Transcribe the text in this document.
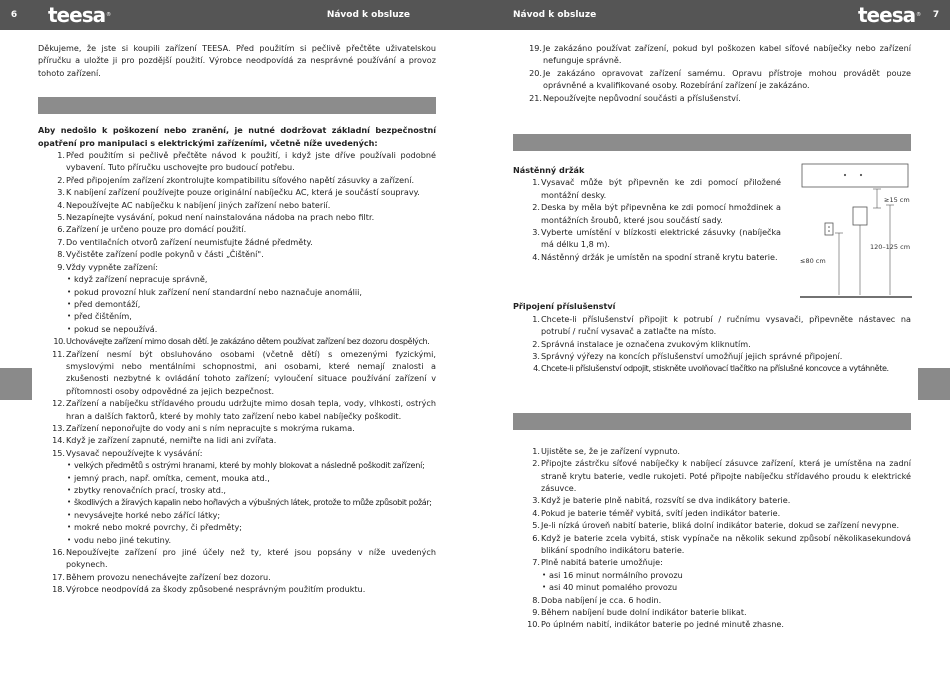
6	teesa®	Návod k obsluze	Návod k obsluze	teesa®	7

Děkujeme, že jste si koupili zařízení TEESA. Před použitím si pečlivě přečtěte uživatelskou příručku a uložte ji pro pozdější použití. Výrobce neodpovídá za nesprávné používání a provoz tohoto zařízení.

Aby nedošlo k poškození nebo zranění, je nutné dodržovat základní bezpečnostní opatření pro manipulaci s elektrickými zařízeními, včetně níže uvedených:

1. Před použitím si pečlivě přečtěte návod k použití, i když jste dříve používali podobné vybavení. Tuto příručku uschovejte pro budoucí potřebu.
2. Před připojením zařízení zkontrolujte kompatibilitu síťového napětí zásuvky a zařízení.
3. K nabíjení zařízení používejte pouze originální nabíječku AC, která je součástí soupravy.
4. Nepoužívejte AC nabíječku k nabíjení jiných zařízení nebo baterií.
5. Nezapínejte vysávání, pokud není nainstalována nádoba na prach nebo filtr.
6. Zařízení je určeno pouze pro domácí použití.
7. Do ventilačních otvorů zařízení neumisťujte žádné předměty.
8. Vyčistěte zařízení podle pokynů v části „Čištění".
9. Vždy vypněte zařízení:
• když zařízení nepracuje správně,
• pokud provozní hluk zařízení není standardní nebo naznačuje anomálii,
• před demontáží,
• před čištěním,
• pokud se nepoužívá.
10. Uchovávejte zařízení mimo dosah dětí. Je zakázáno dětem používat zařízení bez dozoru dospělých.
11. Zařízení nesmí být obsluhováno osobami (včetně dětí) s omezenými fyzickými, smyslovými nebo mentálními schopnostmi, ani osobami, které nemají znalosti a zkušenosti nezbytné k ovládání tohoto zařízení; vyloučení situace používání zařízení v přítomnosti osoby odpovědné za jejich bezpečnost.
12. Zařízení a nabíječku střídavého proudu udržujte mimo dosah tepla, vody, vlhkosti, ostrých hran a dalších faktorů, které by mohly tato zařízení nebo kabel nabíječky poškodit.
13. Zařízení neponořujte do vody ani s ním nepracujte s mokrýma rukama.
14. Když je zařízení zapnuté, nemiřte na lidi ani zvířata.
15. Vysavač nepoužívejte k vysávání:
• velkých předmětů s ostrými hranami, které by mohly blokovat a následně poškodit zařízení;
• jemný prach, např. omítka, cement, mouka atd.,
• zbytky renovačních prací, trosky atd.,
• škodlivých a žíravých kapalin nebo hořlavých a výbušných látek, protože to může způsobit požár;
• nevysávejte horké nebo zářící látky;
• mokré nebo mokré povrchy, či předměty;
• vodu nebo jiné tekutiny.
16. Nepoužívejte zařízení pro jiné účely než ty, které jsou popsány v níže uvedených pokynech.
17. Během provozu nenechávejte zařízení bez dozoru.
18. Výrobce neodpovídá za škody způsobené nesprávným použitím produktu.
19. Je zakázáno používat zařízení, pokud byl poškozen kabel síťové nabíječky nebo zařízení nefunguje správně.
20. Je zakázáno opravovat zařízení samému. Opravu přístroje mohou provádět pouze oprávněné a kvalifikované osoby. Rozebírání zařízení je zakázáno.
21. Nepoužívejte nepůvodní součásti a příslušenství.

Nástěnný držák

1. Vysavač může být připevněn ke zdi pomocí přiložené montážní desky.
2. Deska by měla být připevněna ke zdi pomocí hmoždinek a montážních šroubů, které jsou součástí sady.
3. Vyberte umístění v blízkosti elektrické zásuvky (nabíječka má délku 1,8 m).
4. Nástěnný držák je umístěn na spodní straně krytu baterie.

Připojení příslušenství

1. Chcete-li příslušenství připojit k potrubí / ručnímu vysavači, připevněte nástavec na potrubí / ruční vysavač a zatlačte na místo.
2. Správná instalace je označena zvukovým kliknutím.
3. Správný výřezy na koncích příslušenství umožňují jejich správné připojení.
4. Chcete-li příslušenství odpojit, stiskněte uvolňovací tlačítko na příslušné koncovce a vytáhněte.
1. Ujistěte se, že je zařízení vypnuto.
2. Připojte zástrčku síťové nabíječky k nabíjecí zásuvce zařízení, která je umístěna na zadní straně krytu baterie, vedle rukojeti. Poté připojte nabíječku střídavého proudu k elektrické zásuvce.
3. Když je baterie plně nabitá, rozsvítí se dva indikátory baterie.
4. Pokud je baterie téměř vybitá, svítí jeden indikátor baterie.
5. Je-li nízká úroveň nabití baterie, bliká dolní indikátor baterie, dokud se zařízení nevypne.
6. Když je baterie zcela vybitá, stisk vypínače na několik sekund způsobí několikasekundová blikání spodního indikátoru baterie.
7. Plně nabitá baterie umožňuje:
• asi 16 minut normálního provozu
• asi 40 minut pomalého provozu
8. Doba nabíjení je cca. 6 hodin.
9. Během nabíjení bude dolní indikátor baterie blikat.
10. Po úplném nabití, indikátor baterie po jedné minutě zhasne.
≥15 cm
120–125 cm
≤80 cm
